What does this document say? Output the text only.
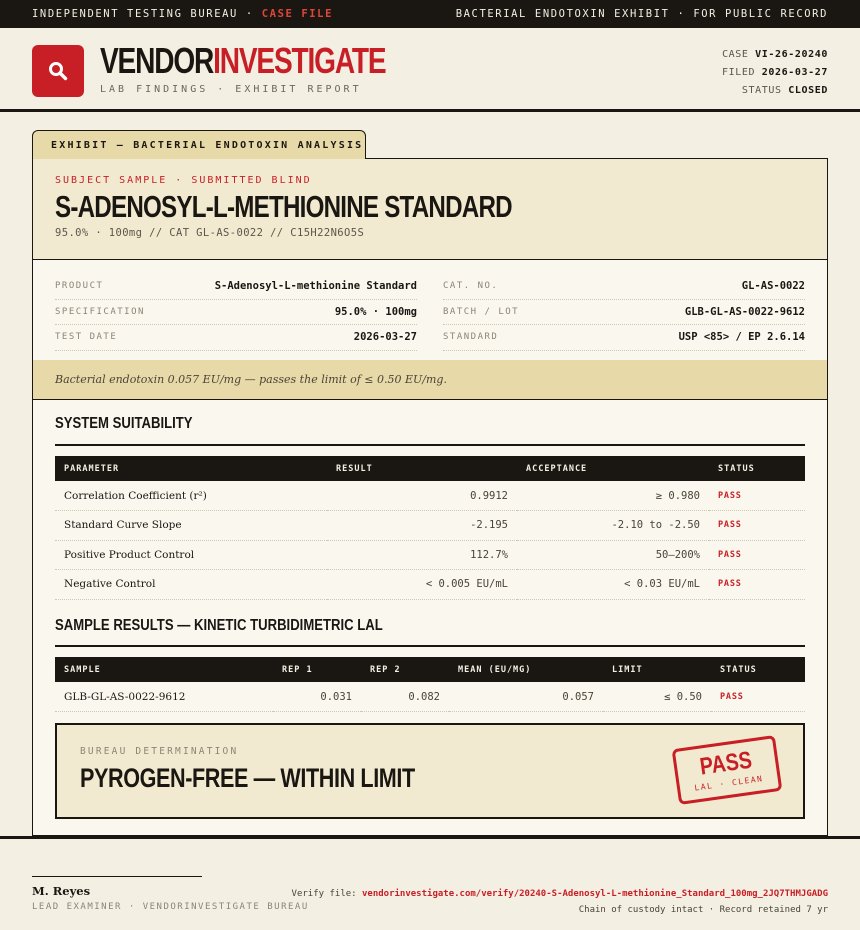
INDEPENDENT TESTING BUREAU · CASE FILE	BACTERIAL ENDOTOXIN EXHIBIT · FOR PUBLIC RECORD
VENDORINVESTIGATE
LAB FINDINGS · EXHIBIT REPORT
CASE VI-26-20240
FILED 2026-03-27
STATUS CLOSED
EXHIBIT — BACTERIAL ENDOTOXIN ANALYSIS
SUBJECT SAMPLE · SUBMITTED BLIND
S-ADENOSYL-L-METHIONINE STANDARD
95.0% · 100mg // CAT GL-AS-0022 // C15H22N6O5S
PRODUCT	S-Adenosyl-L-methionine Standard
SPECIFICATION	95.0% · 100mg
TEST DATE	2026-03-27
CAT. NO.	GL-AS-0022
BATCH / LOT	GLB-GL-AS-0022-9612
STANDARD	USP <85> / EP 2.6.14
Bacterial endotoxin 0.057 EU/mg — passes the limit of ≤ 0.50 EU/mg.
SYSTEM SUITABILITY
PARAMETER	RESULT	ACCEPTANCE	STATUS
Correlation Coefficient (r²)	0.9912	≥ 0.980	PASS
Standard Curve Slope	-2.195	-2.10 to -2.50	PASS
Positive Product Control	112.7%	50–200%	PASS
Negative Control	< 0.005 EU/mL	< 0.03 EU/mL	PASS
SAMPLE RESULTS — KINETIC TURBIDIMETRIC LAL
SAMPLE	REP 1	REP 2	MEAN (EU/MG)	LIMIT	STATUS
GLB-GL-AS-0022-9612	0.031	0.082	0.057	≤ 0.50	PASS
BUREAU DETERMINATION
PYROGEN-FREE — WITHIN LIMIT	PASS
LAL · CLEAN
M. Reyes
LEAD EXAMINER · VENDORINVESTIGATE BUREAU
Verify file: vendorinvestigate.com/verify/20240-S-Adenosyl-L-methionine_Standard_100mg_2JQ7THMJGADG
Chain of custody intact · Record retained 7 yr
